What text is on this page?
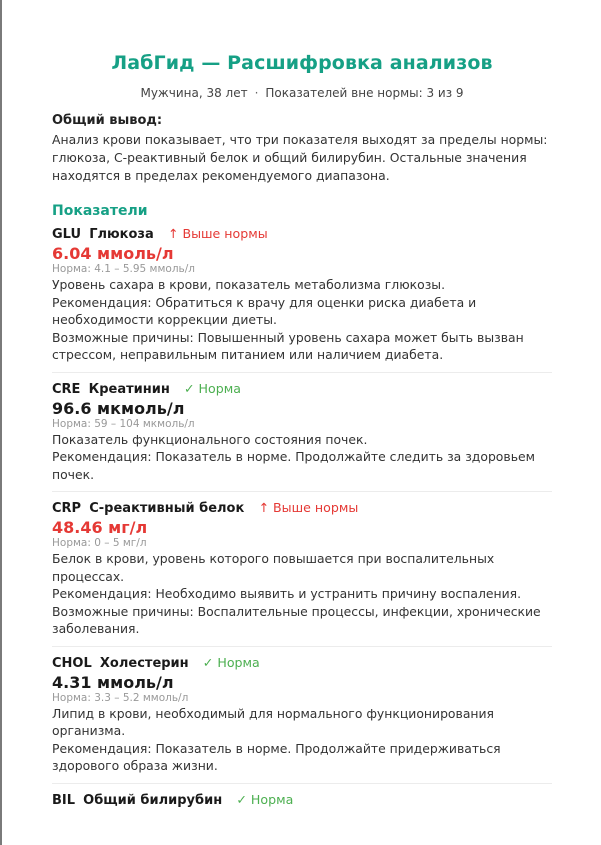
ЛабГид — Расшифровка анализов
Мужчина, 38 лет · Показателей вне нормы: 3 из 9
Общий вывод:
Анализ крови показывает, что три показателя выходят за пределы нормы: глюкоза, С-реактивный белок и общий билирубин. Остальные значения находятся в пределах рекомендуемого диапазона.
Показатели
GLU Глюкоза ↑ Выше нормы
6.04 ммоль/л
Норма: 4.1 – 5.95 ммоль/л
Уровень сахара в крови, показатель метаболизма глюкозы.
Рекомендация: Обратиться к врачу для оценки риска диабета и необходимости коррекции диеты.
Возможные причины: Повышенный уровень сахара может быть вызван стрессом, неправильным питанием или наличием диабета.
CRE Креатинин ✓ Норма
96.6 мкмоль/л
Норма: 59 – 104 мкмоль/л
Показатель функционального состояния почек.
Рекомендация: Показатель в норме. Продолжайте следить за здоровьем почек.
CRP С-реактивный белок ↑ Выше нормы
48.46 мг/л
Норма: 0 – 5 мг/л
Белок в крови, уровень которого повышается при воспалительных процессах.
Рекомендация: Необходимо выявить и устранить причину воспаления.
Возможные причины: Воспалительные процессы, инфекции, хронические заболевания.
CHOL Холестерин ✓ Норма
4.31 ммоль/л
Норма: 3.3 – 5.2 ммоль/л
Липид в крови, необходимый для нормального функционирования организма.
Рекомендация: Показатель в норме. Продолжайте придерживаться здорового образа жизни.
BIL Общий билирубин ✓ Норма
